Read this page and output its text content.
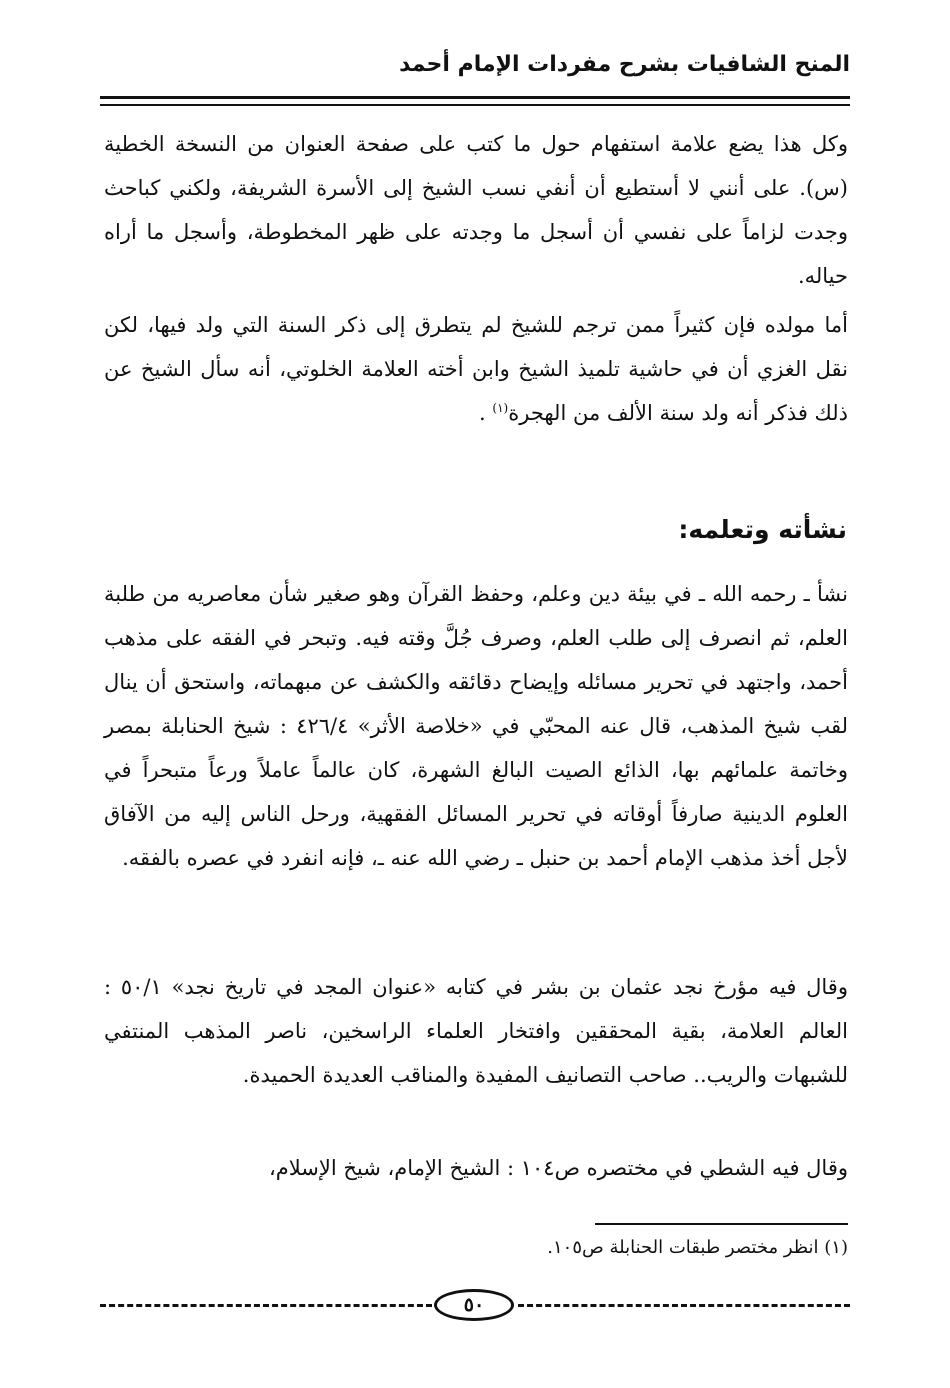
المنح الشافيات بشرح مفردات الإمام أحمد

وكل هذا يضع علامة استفهام حول ما كتب على صفحة العنوان من النسخة الخطية (س). على أنني لا أستطيع أن أنفي نسب الشيخ إلى الأسرة الشريفة، ولكني كباحث وجدت لزاماً على نفسي أن أسجل ما وجدته على ظهر المخطوطة، وأسجل ما أراه حياله.

أما مولده فإن كثيراً ممن ترجم للشيخ لم يتطرق إلى ذكر السنة التي ولد فيها، لكن نقل الغزي أن في حاشية تلميذ الشيخ وابن أخته العلامة الخلوتي، أنه سأل الشيخ عن ذلك فذكر أنه ولد سنة الألف من الهجرة$^{(١)}$ .

نشأته وتعلمه:

نشأ ـ رحمه الله ـ في بيئة دين وعلم، وحفظ القرآن وهو صغير شأن معاصريه من طلبة العلم، ثم انصرف إلى طلب العلم، وصرف جُلَّ وقته فيه. وتبحر في الفقه على مذهب أحمد، واجتهد في تحرير مسائله وإيضاح دقائقه والكشف عن مبهماته، واستحق أن ينال لقب شيخ المذهب، قال عنه المحبّي في «خلاصة الأثر» ٤٢٦/٤ : شيخ الحنابلة بمصر وخاتمة علمائهم بها، الذائع الصيت البالغ الشهرة، كان عالماً عاملاً ورعاً متبحراً في العلوم الدينية صارفاً أوقاته في تحرير المسائل الفقهية، ورحل الناس إليه من الآفاق لأجل أخذ مذهب الإمام أحمد بن حنبل ـ رضي الله عنه ـ، فإنه انفرد في عصره بالفقه.

وقال فيه مؤرخ نجد عثمان بن بشر في كتابه «عنوان المجد في تاريخ نجد» ٥٠/١ : العالم العلامة، بقية المحققين وافتخار العلماء الراسخين، ناصر المذهب المنتفي للشبهات والريب.. صاحب التصانيف المفيدة والمناقب العديدة الحميدة.

وقال فيه الشطي في مختصره ص١٠٤ : الشيخ الإمام، شيخ الإسلام،

(١) انظر مختصر طبقات الحنابلة ص١٠٥.
٥٠
